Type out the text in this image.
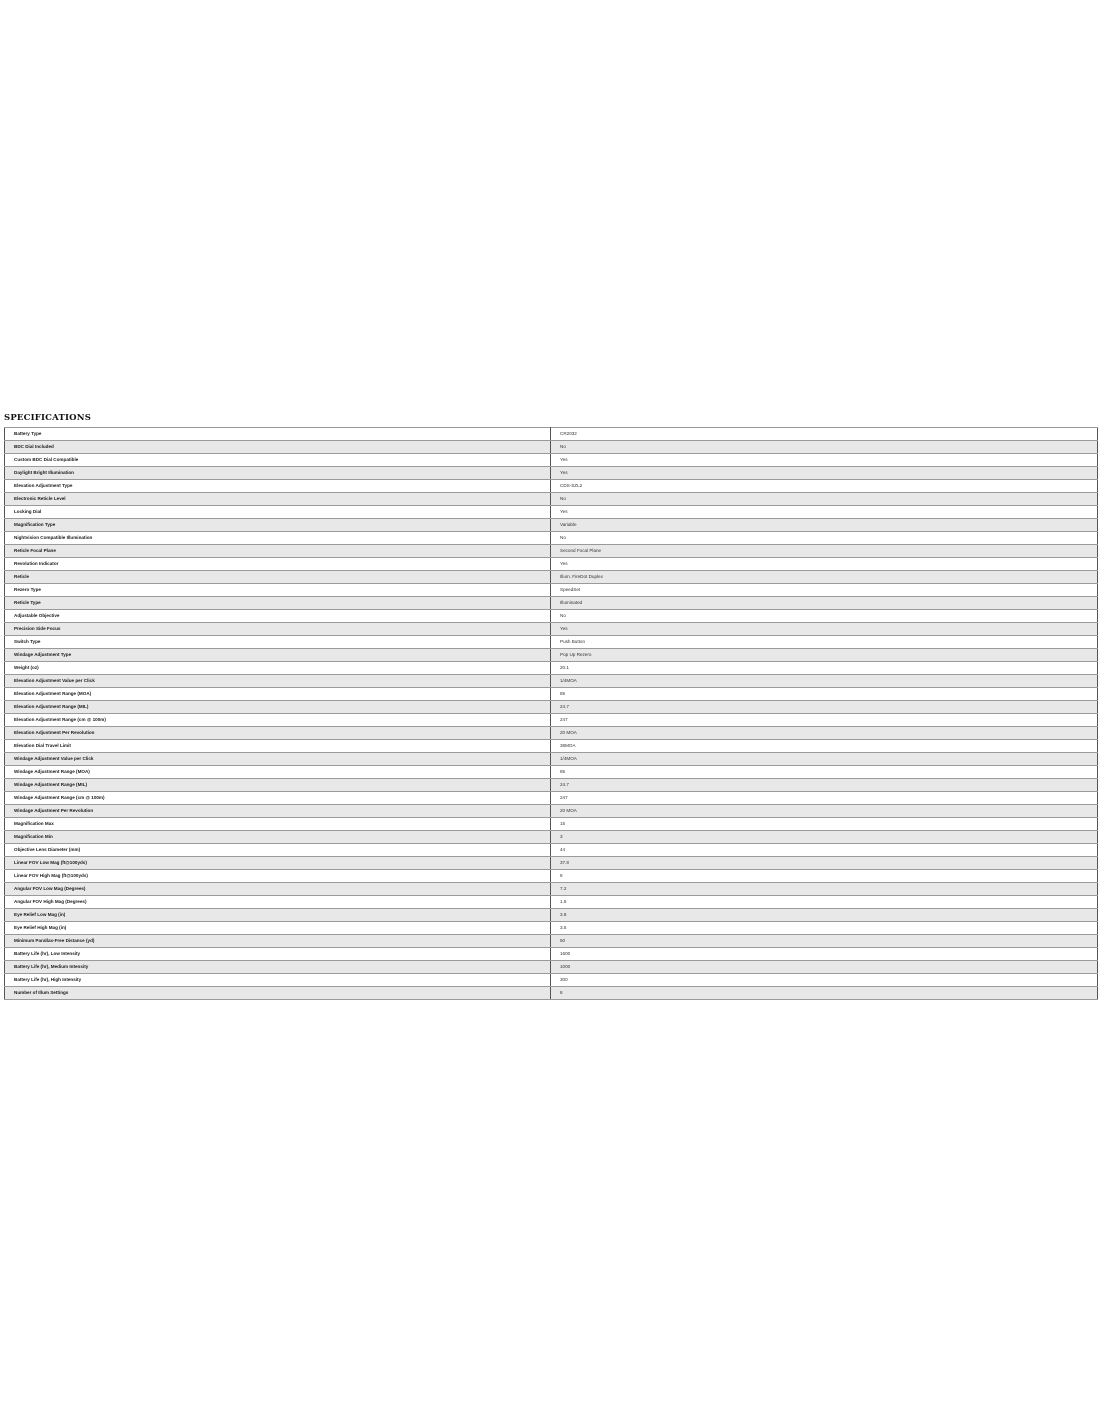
SPECIFICATIONS
Battery Type	CR2032
BDC Dial Included	No
Custom BDC Dial Compatible	Yes
Daylight Bright Illumination	Yes
Elevation Adjustment Type	CDS-SZL2
Electronic Reticle Level	No
Locking Dial	Yes
Magnification Type	Variable
Nightvision Compatible Illumination	No
Reticle Focal Plane	Second Focal Plane
Revolution Indicator	Yes
Reticle	Illum. FireDot Duplex
Rezero Type	SpeedSet
Reticle Type	Illuminated
Adjustable Objective	No
Precision Side Focus	Yes
Switch Type	Push Button
Windage Adjustment Type	Pop Up Rezero
Weight (oz)	20.1
Elevation Adjustment Value per Click	1/4MOA
Elevation Adjustment Range (MOA)	85
Elevation Adjustment Range (MIL)	24.7
Elevation Adjustment Range (cm @ 100m)	247
Elevation Adjustment Per Revolution	20 MOA
Elevation Dial Travel Limit	38MOA
Windage Adjustment Value per Click	1/4MOA
Windage Adjustment Range (MOA)	85
Windage Adjustment Range (MIL)	24.7
Windage Adjustment Range (cm @ 100m)	247
Windage Adjustment Per Revolution	20 MOA
Magnification Max	15
Magnification Min	3
Objective Lens Diameter (mm)	44
Linear FOV Low Mag (ft@100yds)	37.8
Linear FOV High Mag (ft@100yds)	8
Angular FOV Low Mag (Degrees)	7.2
Angular FOV High Mag (Degrees)	1.5
Eye Relief Low Mag (in)	3.8
Eye Relief High Mag (in)	3.5
Minimum Parallax-Free Distance (yd)	50
Battery Life (hr), Low Intensity	1600
Battery Life (hr), Medium Intensity	1000
Battery Life (hr), High Intensity	300
Number of Illum Settings	8
